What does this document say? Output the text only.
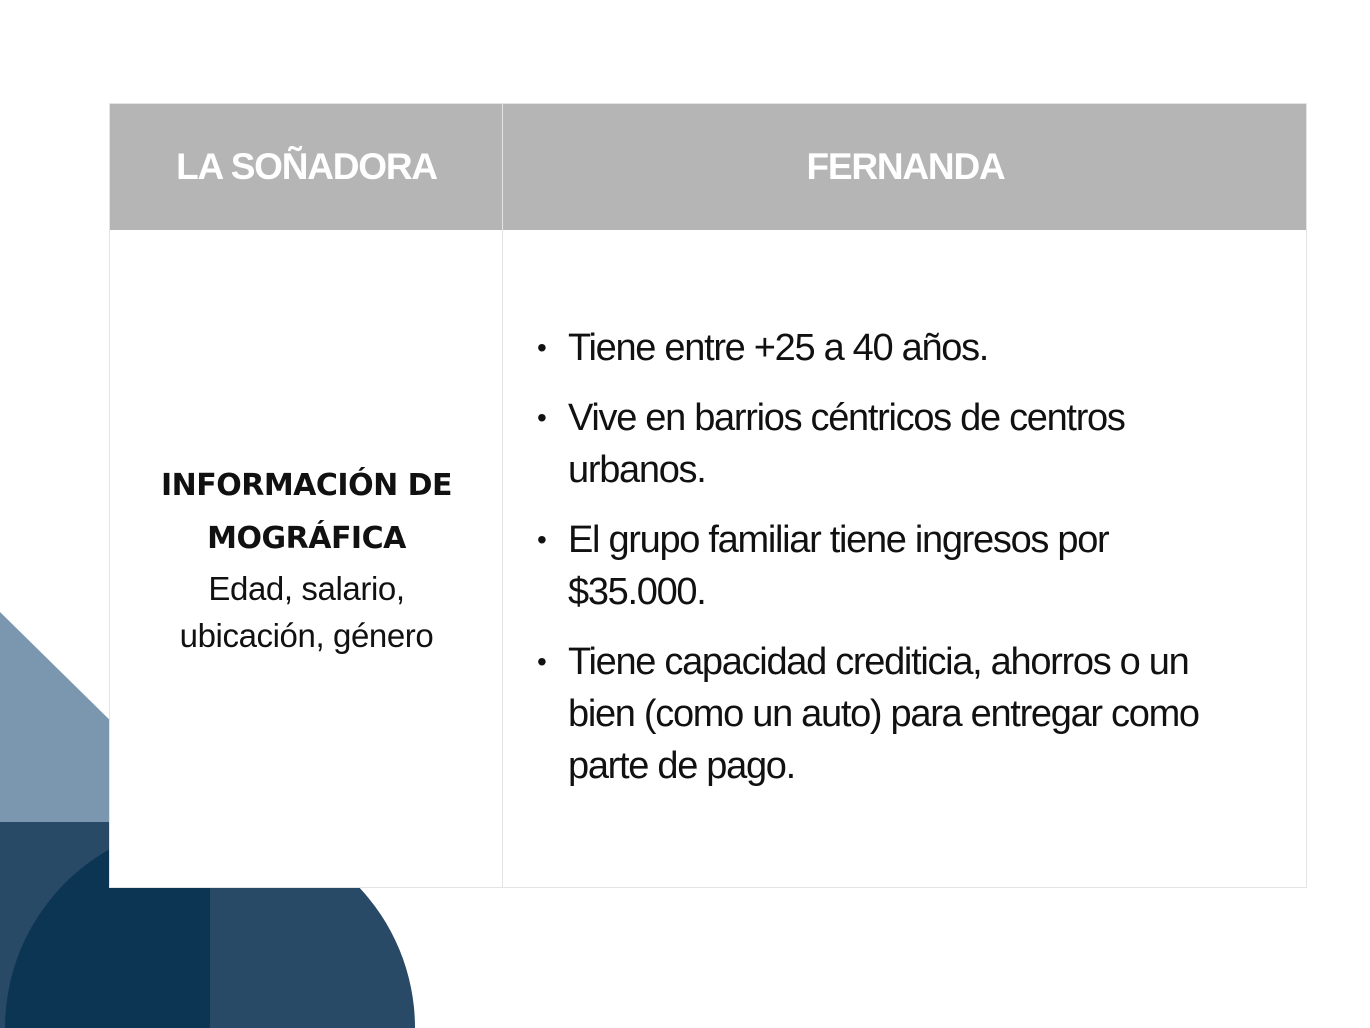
LA SOÑADORA	FERNANDA
INFORMACIÓN DEMOGRÁFICA
Edad, salario, ubicación, género
• Tiene entre +25 a 40 años.
• Vive en barrios céntricos de centros urbanos.
• El grupo familiar tiene ingresos por $35.000.
• Tiene capacidad crediticia, ahorros o un bien (como un auto) para entregar como parte de pago.
